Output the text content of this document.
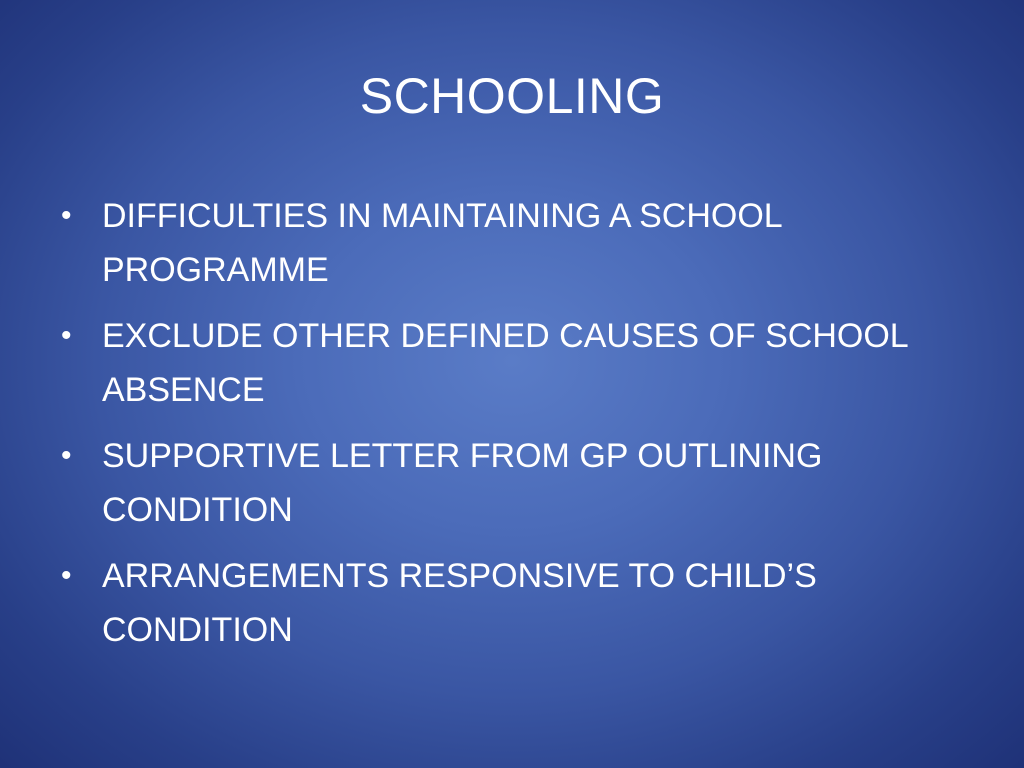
SCHOOLING
• DIFFICULTIES IN MAINTAINING A SCHOOL PROGRAMME
• EXCLUDE OTHER DEFINED CAUSES OF SCHOOL ABSENCE
• SUPPORTIVE LETTER FROM GP OUTLINING CONDITION
• ARRANGEMENTS RESPONSIVE TO CHILD’S CONDITION
